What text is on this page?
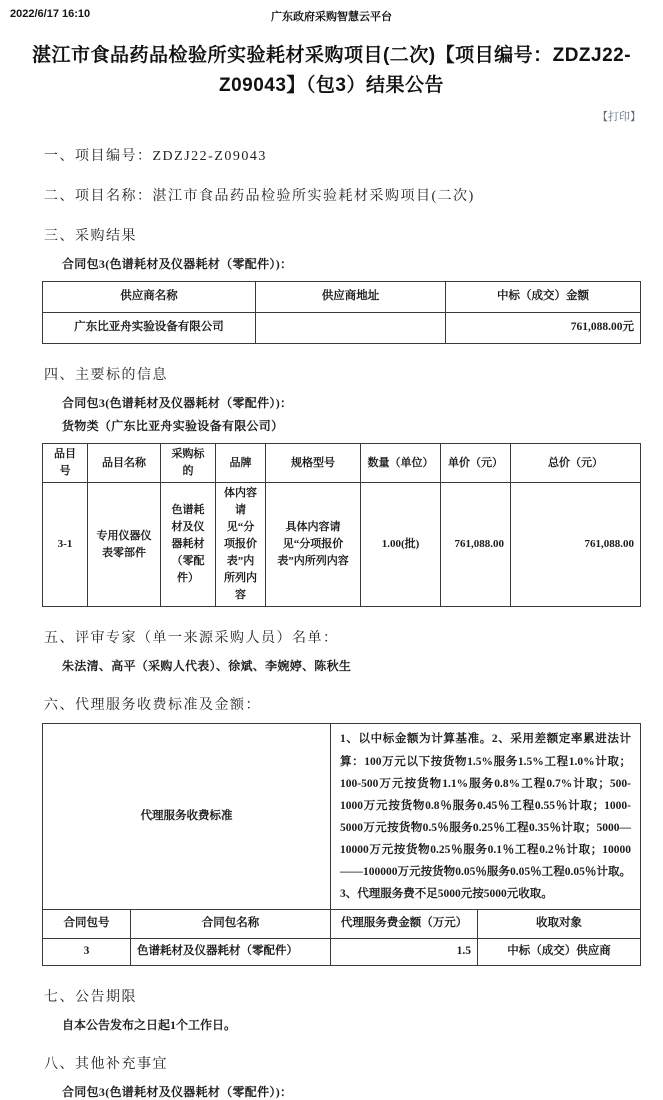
2022/6/17 16:10	广东政府采购智慧云平台
湛江市食品药品检验所实验耗材采购项目(二次)【项目编号：ZDZJ22-Z09043】（包3）结果公告
【打印】
一、项目编号：ZDZJ22-Z09043
二、项目名称：湛江市食品药品检验所实验耗材采购项目(二次)
三、采购结果
合同包3(色谱耗材及仪器耗材（零配件）)：
供应商名称	供应商地址	中标（成交）金额
广东比亚舟实验设备有限公司		761,088.00元
四、主要标的信息
合同包3(色谱耗材及仪器耗材（零配件）)：
货物类（广东比亚舟实验设备有限公司）
品目号	品目名称	采购标的	品牌	规格型号	数量（单位）	单价（元）	总价（元）
3-1	专用仪器仪表零部件	色谱耗材及仪器耗材（零配件）	体内容请见“分项报价表”内所列内容	具体内容请见“分项报价表”内所列内容	1.00(批)	761,088.00	761,088.00
五、评审专家（单一来源采购人员）名单：
朱法清、高平（采购人代表）、徐斌、李婉婷、陈秋生
六、代理服务收费标准及金额：
代理服务收费标准		1、以中标金额为计算基准。2、采用差额定率累进法计算：100万元以下按货物1.5%服务1.5%工程1.0%计取；100-500万元按货物1.1%服务0.8%工程0.7%计取；500-1000万元按货物0.8％服务0.45％工程0.55％计取；1000-5000万元按货物0.5％服务0.25％工程0.35％计取；5000—10000万元按货物0.25％服务0.1％工程0.2％计取；10000——100000万元按货物0.05％服务0.05％工程0.05％计取。3、代理服务费不足5000元按5000元收取。	
合同包号	合同包名称	代理服务费金额（万元）	收取对象
3	色谱耗材及仪器耗材（零配件）	1.5	中标（成交）供应商
七、公告期限
自本公告发布之日起1个工作日。
八、其他补充事宜
合同包3(色谱耗材及仪器耗材（零配件）)：
